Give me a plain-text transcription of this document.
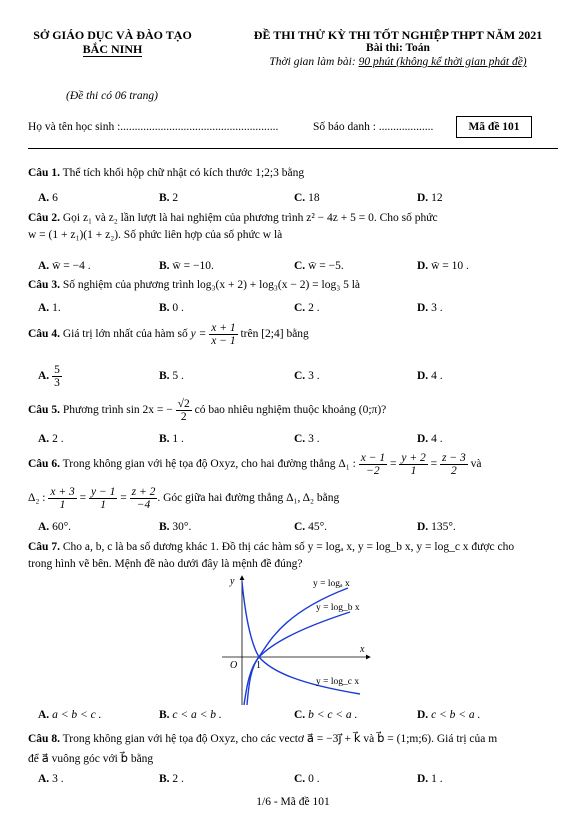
SỞ GIÁO DỤC VÀ ĐÀO TẠO
BẮC NINH
ĐỀ THI THỬ KỲ THI TỐT NGHIỆP THPT NĂM 2021
Bài thi: Toán
Thời gian làm bài: 90 phút (không kể thời gian phát đề)
(Đề thi có 06 trang)
Họ và tên học sinh :.......................................................	Số báo danh : ...................	Mã đề 101
Câu 1. Thể tích khối hộp chữ nhật có kích thước 1;2;3 bằng
A. 6	B. 2	C. 18	D. 12
Câu 2. Gọi z₁ và z₂ lần lượt là hai nghiệm của phương trình z² − 4z + 5 = 0. Cho số phức
w = (1 + z₁)(1 + z₂). Số phức liên hợp của số phức w là
A. w̄ = −4 .	B. w̄ = −10.	C. w̄ = −5.	D. w̄ = 10 .
Câu 3. Số nghiệm của phương trình log₃(x + 2) + log₃(x − 2) = log₃ 5 là
A. 1.	B. 0 .	C. 2 .	D. 3 .
Câu 4. Giá trị lớn nhất của hàm số $y = \frac{x + 1}{x - 1}$ trên [2;4] bằng
A. $\frac{5}{3}$	B. 5 .	C. 3 .	D. 4 .
Câu 5. Phương trình sin 2x = − $\frac{√2}{2}$ có bao nhiêu nghiệm thuộc khoảng (0;π)?
A. 2 .	B. 1 .	C. 3 .	D. 4 .
Câu 6. Trong không gian với hệ tọa độ Oxyz, cho hai đường thẳng Δ₁ : $\frac{x - 1}{-2} = \frac{y + 2}{1} = \frac{z - 3}{2}$ và
Δ₂ : $\frac{x + 3}{1} = \frac{y - 1}{1} = \frac{z + 2}{-4}$ . Góc giữa hai đường thẳng Δ₁, Δ₂ bằng
A. 60°.	B. 30°.	C. 45°.	D. 135°.
Câu 7. Cho a, b, c là ba số dương khác 1. Đồ thị các hàm số y = logₐ x, y = log_b x, y = log_c x được cho
trong hình vẽ bên. Mệnh đề nào dưới đây là mệnh đề đúng?
y
x
O 1
y = logₐ x
y = log_b x
y = log_c x
A. a < b < c .	B. c < a < b .	C. b < c < a .	D. c < b < a .
Câu 8. Trong không gian với hệ tọa độ Oxyz, cho các vectơ a⃗ = −3j⃗ + k⃗ và b⃗ = (1;m;6). Giá trị của m
để a⃗ vuông góc với b⃗ bằng
A. 3 .	B. 2 .	C. 0 .	D. 1 .
1/6 - Mã đề 101
